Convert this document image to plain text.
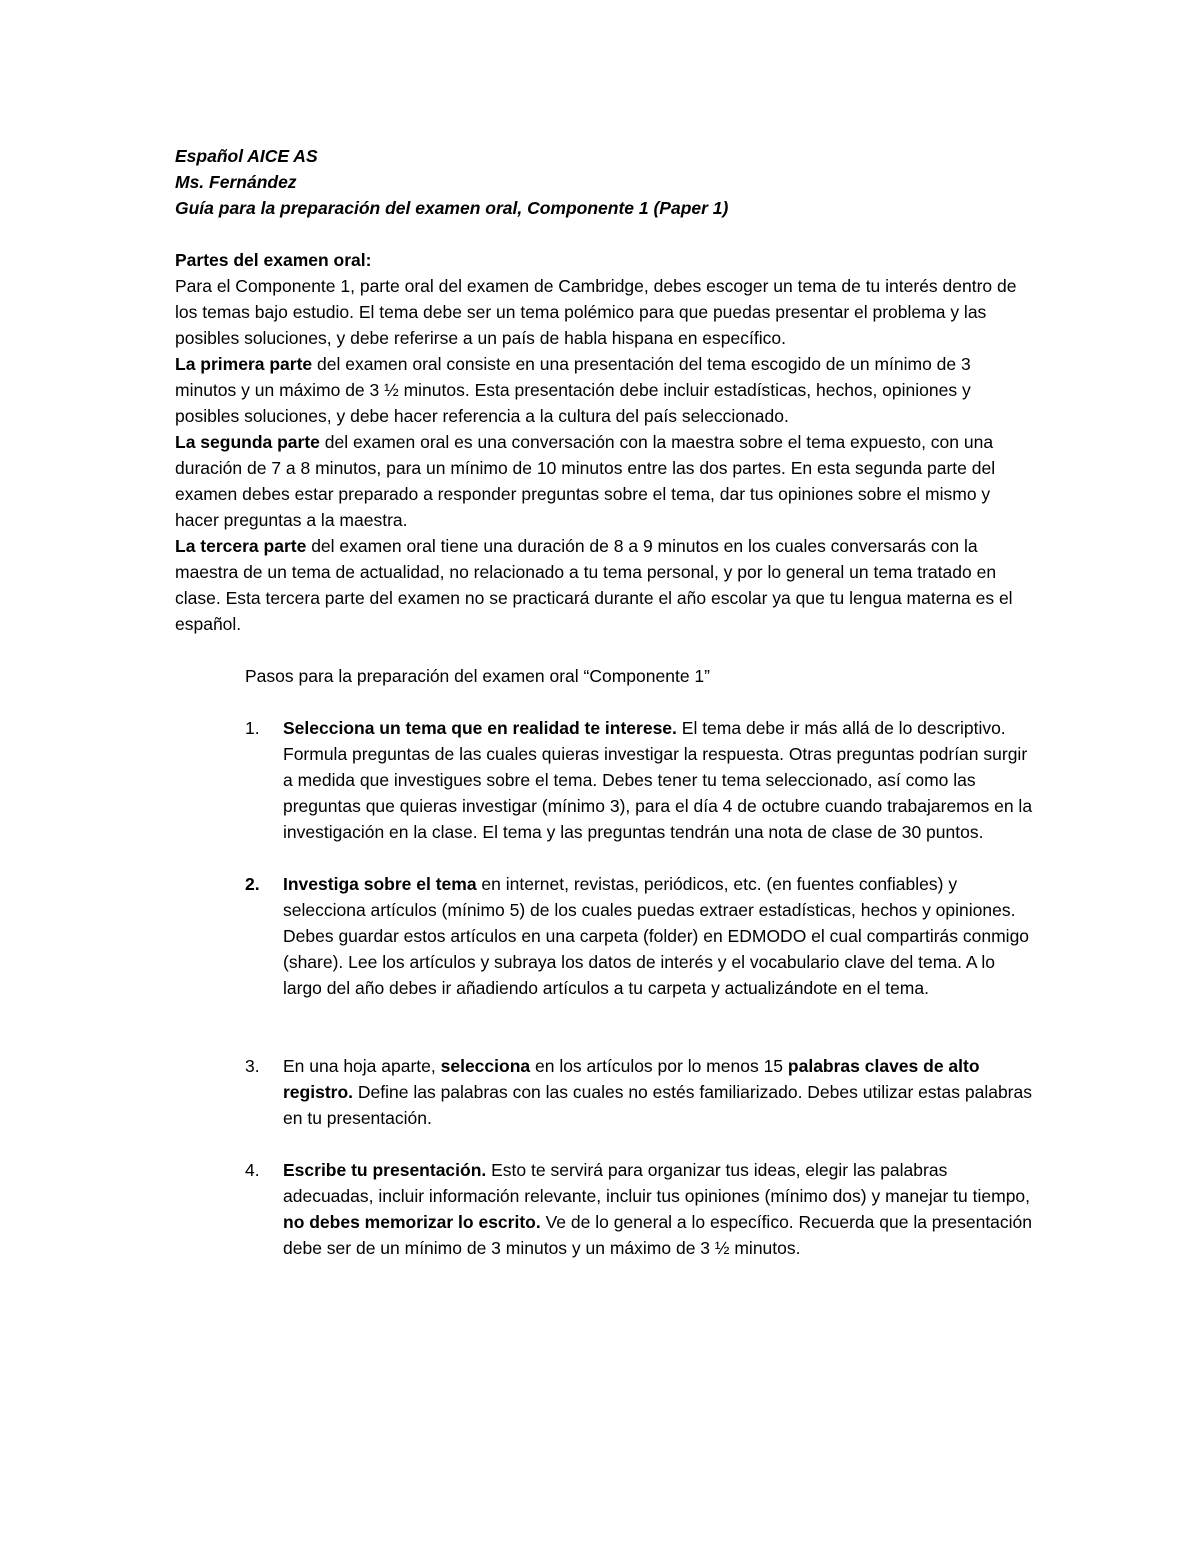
Español AICE AS

Ms. Fernández

Guía para la preparación del examen oral, Componente 1 (Paper 1)

Partes del examen oral:

Para el Componente 1, parte oral del examen de Cambridge, debes escoger un tema de tu interés dentro de los temas bajo estudio. El tema debe ser un tema polémico para que puedas presentar el problema y las posibles soluciones, y debe referirse a un país de habla hispana en específico.

La primera parte del examen oral consiste en una presentación del tema escogido de un mínimo de 3 minutos y un máximo de 3 ½ minutos. Esta presentación debe incluir estadísticas, hechos, opiniones y posibles soluciones, y debe hacer referencia a la cultura del país seleccionado.

La segunda parte del examen oral es una conversación con la maestra sobre el tema expuesto, con una duración de 7 a 8 minutos, para un mínimo de 10 minutos entre las dos partes. En esta segunda parte del examen debes estar preparado a responder preguntas sobre el tema, dar tus opiniones sobre el mismo y hacer preguntas a la maestra.

La tercera parte del examen oral tiene una duración de 8 a 9 minutos en los cuales conversarás con la maestra de un tema de actualidad, no relacionado a tu tema personal, y por lo general un tema tratado en clase. Esta tercera parte del examen no se practicará durante el año escolar ya que tu lengua materna es el español.

Pasos para la preparación del examen oral “Componente 1”

1. Selecciona un tema que en realidad te interese. El tema debe ir más allá de lo descriptivo. Formula preguntas de las cuales quieras investigar la respuesta. Otras preguntas podrían surgir a medida que investigues sobre el tema. Debes tener tu tema seleccionado, así como las preguntas que quieras investigar (mínimo 3), para el día 4 de octubre cuando trabajaremos en la investigación en la clase. El tema y las preguntas tendrán una nota de clase de 30 puntos.
2. Investiga sobre el tema en internet, revistas, periódicos, etc. (en fuentes confiables) y selecciona artículos (mínimo 5) de los cuales puedas extraer estadísticas, hechos y opiniones. Debes guardar estos artículos en una carpeta (folder) en EDMODO el cual compartirás conmigo (share). Lee los artículos y subraya los datos de interés y el vocabulario clave del tema. A lo largo del año debes ir añadiendo artículos a tu carpeta y actualizándote en el tema.
3. En una hoja aparte, selecciona en los artículos por lo menos 15 palabras claves de alto registro. Define las palabras con las cuales no estés familiarizado. Debes utilizar estas palabras en tu presentación.
4. Escribe tu presentación. Esto te servirá para organizar tus ideas, elegir las palabras adecuadas, incluir información relevante, incluir tus opiniones (mínimo dos) y manejar tu tiempo, no debes memorizar lo escrito. Ve de lo general a lo específico. Recuerda que la presentación debe ser de un mínimo de 3 minutos y un máximo de 3 ½ minutos.
